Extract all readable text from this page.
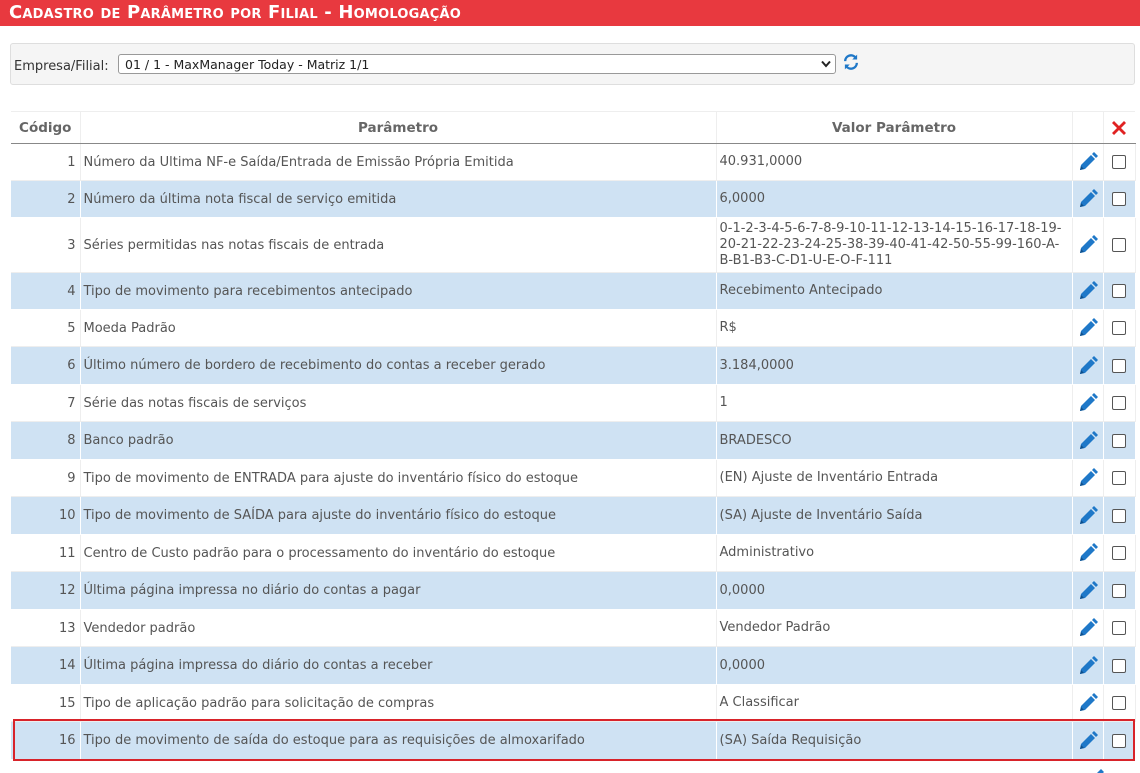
Cadastro de Parâmetro por Filial - Homologação
Empresa/Filial: 01 / 1 - MaxManager Today - Matriz 1/1
Código	Parâmetro	Valor Parâmetro		
1	Número da Ultima NF-e Saída/Entrada de Emissão Própria Emitida	40.931,0000		
2	Número da última nota fiscal de serviço emitida	6,0000		
3	Séries permitidas nas notas fiscais de entrada	0-1-2-3-4-5-6-7-8-9-10-11-12-13-14-15-16-17-18-19-20-21-22-23-24-25-38-39-40-41-42-50-55-99-160-A-B-B1-B3-C-D1-U-E-O-F-111		
4	Tipo de movimento para recebimentos antecipado	Recebimento Antecipado		
5	Moeda Padrão	R$		
6	Último número de bordero de recebimento do contas a receber gerado	3.184,0000		
7	Série das notas fiscais de serviços	1		
8	Banco padrão	BRADESCO		
9	Tipo de movimento de ENTRADA para ajuste do inventário físico do estoque	(EN) Ajuste de Inventário Entrada		
10	Tipo de movimento de SAÍDA para ajuste do inventário físico do estoque	(SA) Ajuste de Inventário Saída		
11	Centro de Custo padrão para o processamento do inventário do estoque	Administrativo		
12	Última página impressa no diário do contas a pagar	0,0000		
13	Vendedor padrão	Vendedor Padrão		
14	Última página impressa do diário do contas a receber	0,0000		
15	Tipo de aplicação padrão para solicitação de compras	A Classificar		
16	Tipo de movimento de saída do estoque para as requisições de almoxarifado	(SA) Saída Requisição		
